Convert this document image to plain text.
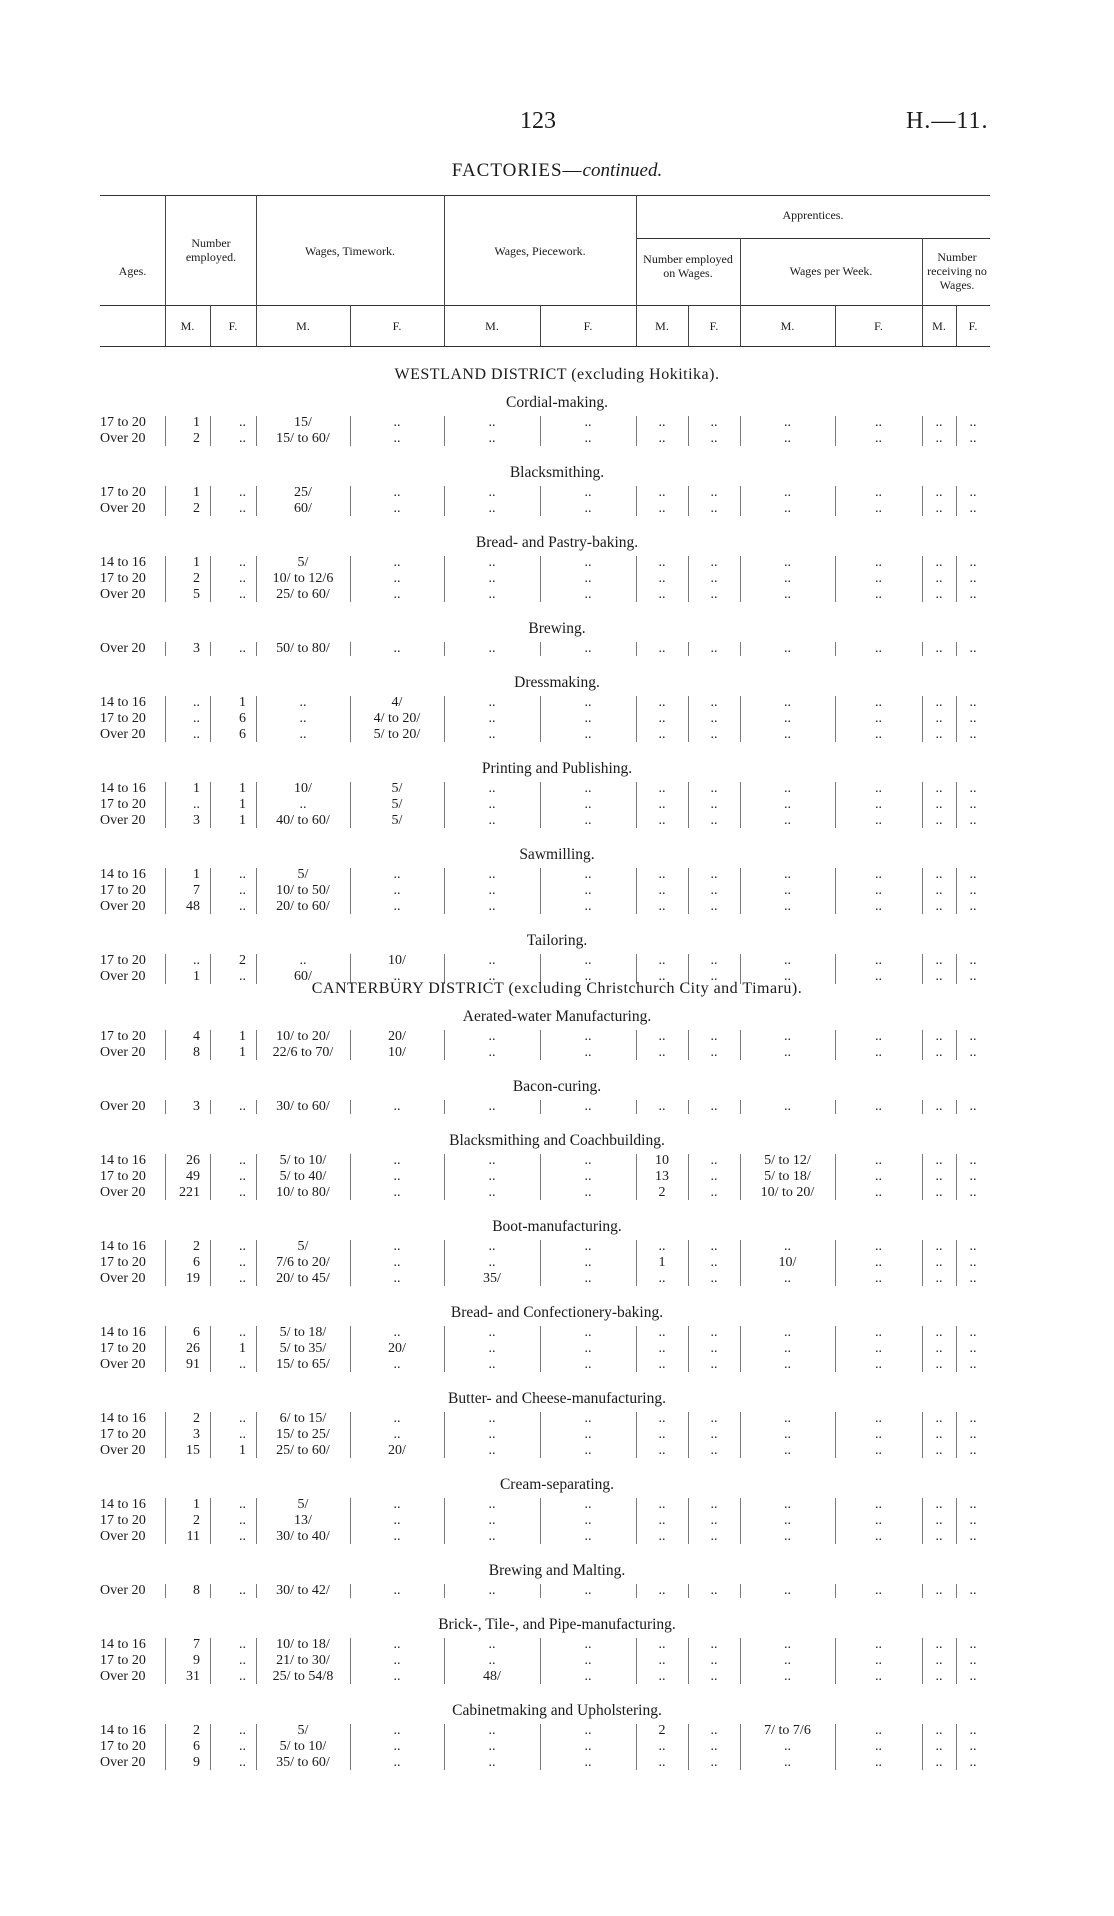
123	H.—11.
FACTORIES—continued.
Ages.
Number employed.	Wages, Timework.	Wages, Piecework.
Apprentices.
Number employed on Wages.	Wages per Week.
Number receiving no Wages.
M.	F.	M.	F.	M.	F.	M.	F.	M.	F.	M.	F.
WESTLAND DISTRICT (excluding Hokitika).
Cordial-making.
17 to 20	1	..	15/	..	..	..	..	..	..	..	..	..
Over 20	2	..	15/ to 60/	..	..	..	..	..	..	..	..	..
Blacksmithing.
17 to 20	1	..	25/	..	..	..	..	..	..	..	..	..
Over 20	2	..	60/	..	..	..	..	..	..	..	..	..
Bread- and Pastry-baking.
14 to 16	1	..	5/	..	..	..	..	..	..	..	..	..
17 to 20	2	..	10/ to 12/6	..	..	..	..	..	..	..	..	..
Over 20	5	..	25/ to 60/	..	..	..	..	..	..	..	..	..
Brewing.
Over 20	3	..	50/ to 80/	..	..	..	..	..	..	..	..	..
Dressmaking.
14 to 16	..	1	..	4/	..	..	..	..	..	..	..	..
17 to 20	..	6	..	4/ to 20/	..	..	..	..	..	..	..	..
Over 20	..	6	..	5/ to 20/	..	..	..	..	..	..	..	..
Printing and Publishing.
14 to 16	1	1	10/	5/	..	..	..	..	..	..	..	..
17 to 20	..	1	..	5/	..	..	..	..	..	..	..	..
Over 20	3	1	40/ to 60/	5/	..	..	..	..	..	..	..	..
Sawmilling.
14 to 16	1	..	5/	..	..	..	..	..	..	..	..	..
17 to 20	7	..	10/ to 50/	..	..	..	..	..	..	..	..	..
Over 20	48	..	20/ to 60/	..	..	..	..	..	..	..	..	..
Tailoring.
17 to 20	..	2	..	10/	..	..	..	..	..	..	..	..
Over 20	1	..	60/	..	..	..	..	..	..	..	..	..
CANTERBURY DISTRICT (excluding Christchurch City and Timaru).
Aerated-water Manufacturing.
17 to 20	4	1	10/ to 20/	20/	..	..	..	..	..	..	..	..
Over 20	8	1	22/6 to 70/	10/	..	..	..	..	..	..	..	..
Bacon-curing.
Over 20	3	..	30/ to 60/	..	..	..	..	..	..	..	..	..
Blacksmithing and Coachbuilding.
14 to 16	26	..	5/ to 10/	..	..	..	10	..	5/ to 12/	..	..	..
17 to 20	49	..	5/ to 40/	..	..	..	13	..	5/ to 18/	..	..	..
Over 20	221	..	10/ to 80/	..	..	..	2	..	10/ to 20/	..	..	..
Boot-manufacturing.
14 to 16	2	..	5/	..	..	..	..	..	..	..	..	..
17 to 20	6	..	7/6 to 20/	..	..	..	1	..	10/	..	..	..
Over 20	19	..	20/ to 45/	..	35/	..	..	..	..	..	..	..
Bread- and Confectionery-baking.
14 to 16	6	..	5/ to 18/	..	..	..	..	..	..	..	..	..
17 to 20	26	1	5/ to 35/	20/	..	..	..	..	..	..	..	..
Over 20	91	..	15/ to 65/	..	..	..	..	..	..	..	..	..
Butter- and Cheese-manufacturing.
14 to 16	2	..	6/ to 15/	..	..	..	..	..	..	..	..	..
17 to 20	3	..	15/ to 25/	..	..	..	..	..	..	..	..	..
Over 20	15	1	25/ to 60/	20/	..	..	..	..	..	..	..	..
Cream-separating.
14 to 16	1	..	5/	..	..	..	..	..	..	..	..	..
17 to 20	2	..	13/	..	..	..	..	..	..	..	..	..
Over 20	11	..	30/ to 40/	..	..	..	..	..	..	..	..	..
Brewing and Malting.
Over 20	8	..	30/ to 42/	..	..	..	..	..	..	..	..	..
Brick-, Tile-, and Pipe-manufacturing.
14 to 16	7	..	10/ to 18/	..	..	..	..	..	..	..	..	..
17 to 20	9	..	21/ to 30/	..	..	..	..	..	..	..	..	..
Over 20	31	..	25/ to 54/8	..	48/	..	..	..	..	..	..	..
Cabinetmaking and Upholstering.
14 to 16	2	..	5/	..	..	..	2	..	7/ to 7/6	..	..	..
17 to 20	6	..	5/ to 10/	..	..	..	..	..	..	..	..	..
Over 20	9	..	35/ to 60/	..	..	..	..	..	..	..	..	..
